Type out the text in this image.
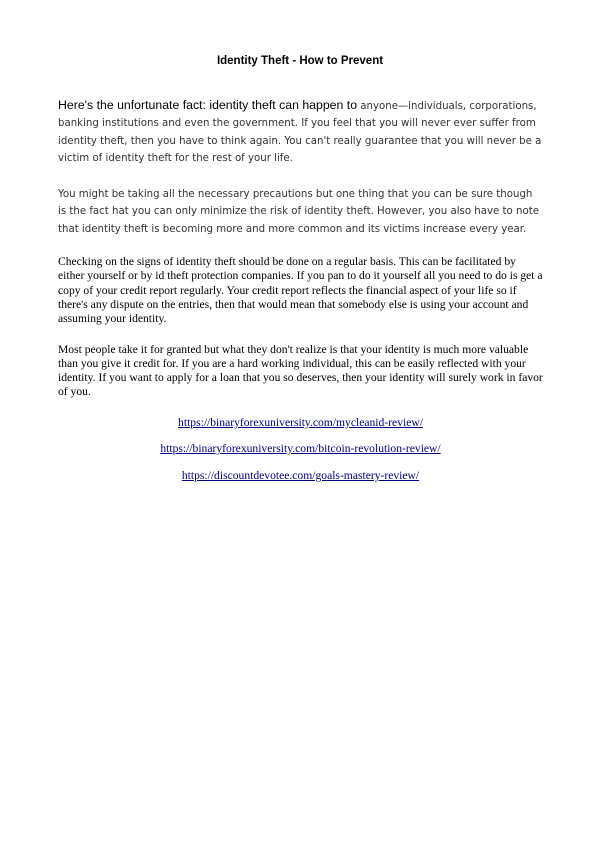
Identity Theft - How to Prevent

Here's the unfortunate fact: identity theft can happen to anyone—individuals, corporations, banking institutions and even the government. If you feel that you will never ever suffer from identity theft, then you have to think again. You can't really guarantee that you will never be a victim of identity theft for the rest of your life.

You might be taking all the necessary precautions but one thing that you can be sure though is the fact hat you can only minimize the risk of identity theft. However, you also have to note that identity theft is becoming more and more common and its victims increase every year.

Checking on the signs of identity theft should be done on a regular basis. This can be facilitated by either yourself or by id theft protection companies. If you pan to do it yourself all you need to do is get a copy of your credit report regularly. Your credit report reflects the financial aspect of your life so if there's any dispute on the entries, then that would mean that somebody else is using your account and assuming your identity.

Most people take it for granted but what they don't realize is that your identity is much more valuable than you give it credit for. If you are a hard working individual, this can be easily reflected with your identity. If you want to apply for a loan that you so deserves, then your identity will surely work in favor of you.

https://binaryforexuniversity.com/mycleanid-review/
https://binaryforexuniversity.com/bitcoin-revolution-review/
https://discountdevotee.com/goals-mastery-review/
